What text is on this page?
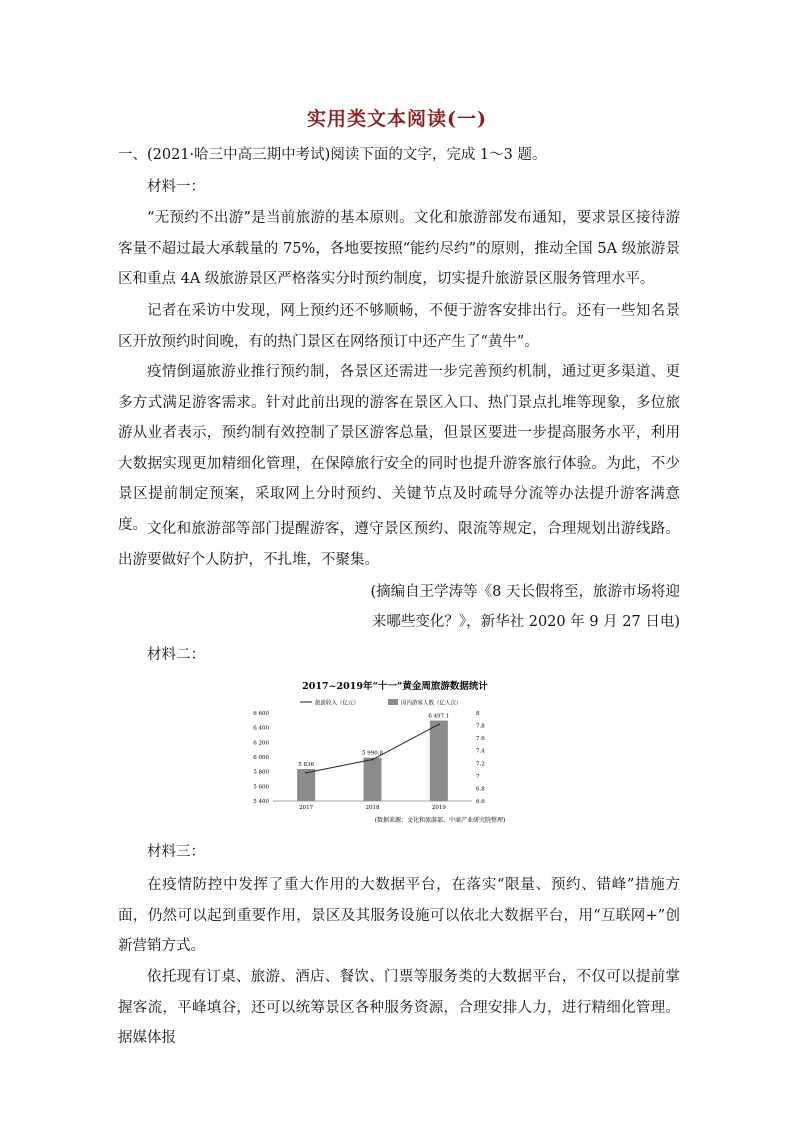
实用类文本阅读(一)
一、(2021·哈三中高三期中考试)阅读下面的文字，完成 1～3 题。
材料一：
“无预约不出游”是当前旅游的基本原则。文化和旅游部发布通知，要求景区接待游客量不超过最大承载量的 75%，各地要按照“能约尽约”的原则，推动全国 5A 级旅游景区和重点 4A 级旅游景区严格落实分时预约制度，切实提升旅游景区服务管理水平。
记者在采访中发现，网上预约还不够顺畅，不便于游客安排出行。还有一些知名景区开放预约时间晚，有的热门景区在网络预订中还产生了“黄牛”。
疫情倒逼旅游业推行预约制，各景区还需进一步完善预约机制，通过更多渠道、更多方式满足游客需求。针对此前出现的游客在景区入口、热门景点扎堆等现象，多位旅游从业者表示，预约制有效控制了景区游客总量，但景区要进一步提高服务水平，利用大数据实现更加精细化管理，在保障旅行安全的同时也提升游客旅行体验。为此，不少景区提前制定预案，采取网上分时预约、关键节点及时疏导分流等办法提升游客满意度。 文化和旅游部等部门提醒游客，遵守景区预约、限流等规定，合理规划出游线路。出游要做好个人防护，不扎堆，不聚集。
(摘编自王学涛等《8 天长假将至，旅游市场将迎
来哪些变化？》，新华社 2020 年 9 月 27 日电)
材料二：
2017~2019年“十一”黄金周旅游数据统计
旅游收入（亿元）	国内游客人数（亿人次）
6 600
6 400
6 200
6 000
5 800
5 600
5 400
8
7.8
7.6
7.4
7.2
7
6.8
6.6
5 836
2017
5 990.8
2018
6 497.1
2019
(数据来源：文化和旅游部、中商产业研究院整理)
材料三：
在疫情防控中发挥了重大作用的大数据平台，在落实“限量、预约、错峰”措施方面，仍然可以起到重要作用，景区及其服务设施可以依北大数据平台，用“互联网+”创新营销方式。
依托现有订桌、旅游、酒店、餐饮、门票等服务类的大数据平台，不仅可以提前掌握客流，平峰填谷，还可以统筹景区各种服务资源，合理安排人力，进行精细化管理。据媒体报
